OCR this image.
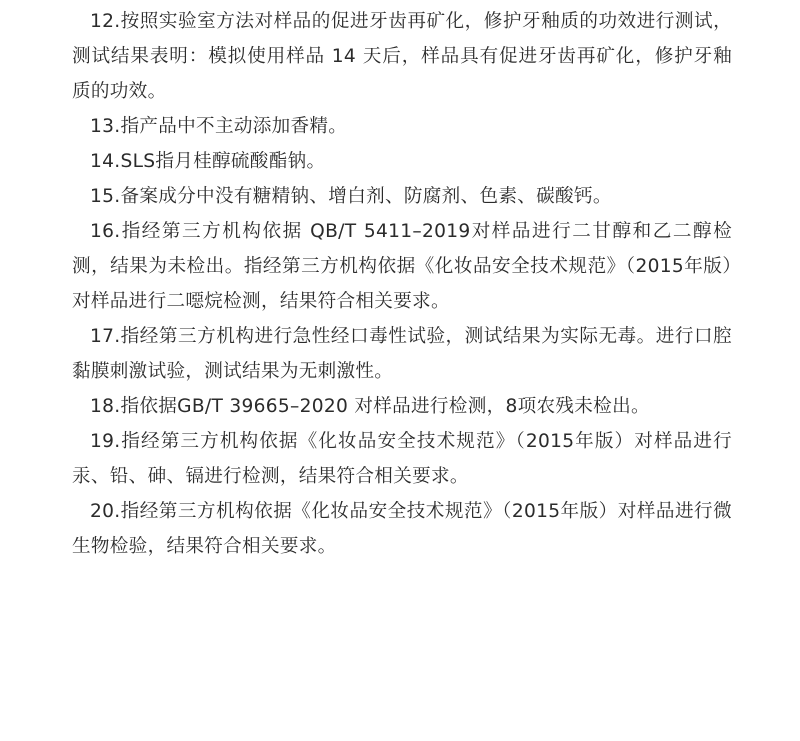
12.按照实验室方法对样品的促进牙齿再矿化，修护牙釉质的功效进行测试，测试结果表明：模拟使用样品 14 天后，样品具有促进牙齿再矿化，修护牙釉质的功效。

13.指产品中不主动添加香精。

14.SLS指月桂醇硫酸酯钠。

15.备案成分中没有糖精钠、增白剂、防腐剂、色素、碳酸钙。

16.指经第三方机构依据 QB/T 5411–2019对样品进行二甘醇和乙二醇检测，结果为未检出。指经第三方机构依据《化妆品安全技术规范》（2015年版）对样品进行二噁烷检测，结果符合相关要求。

17.指经第三方机构进行急性经口毒性试验，测试结果为实际无毒。进行口腔黏膜刺激试验，测试结果为无刺激性。

18.指依据GB/T 39665–2020 对样品进行检测，8项农残未检出。

19.指经第三方机构依据《化妆品安全技术规范》（2015年版）对样品进行汞、铅、砷、镉进行检测，结果符合相关要求。

20.指经第三方机构依据《化妆品安全技术规范》（2015年版）对样品进行微生物检验，结果符合相关要求。
